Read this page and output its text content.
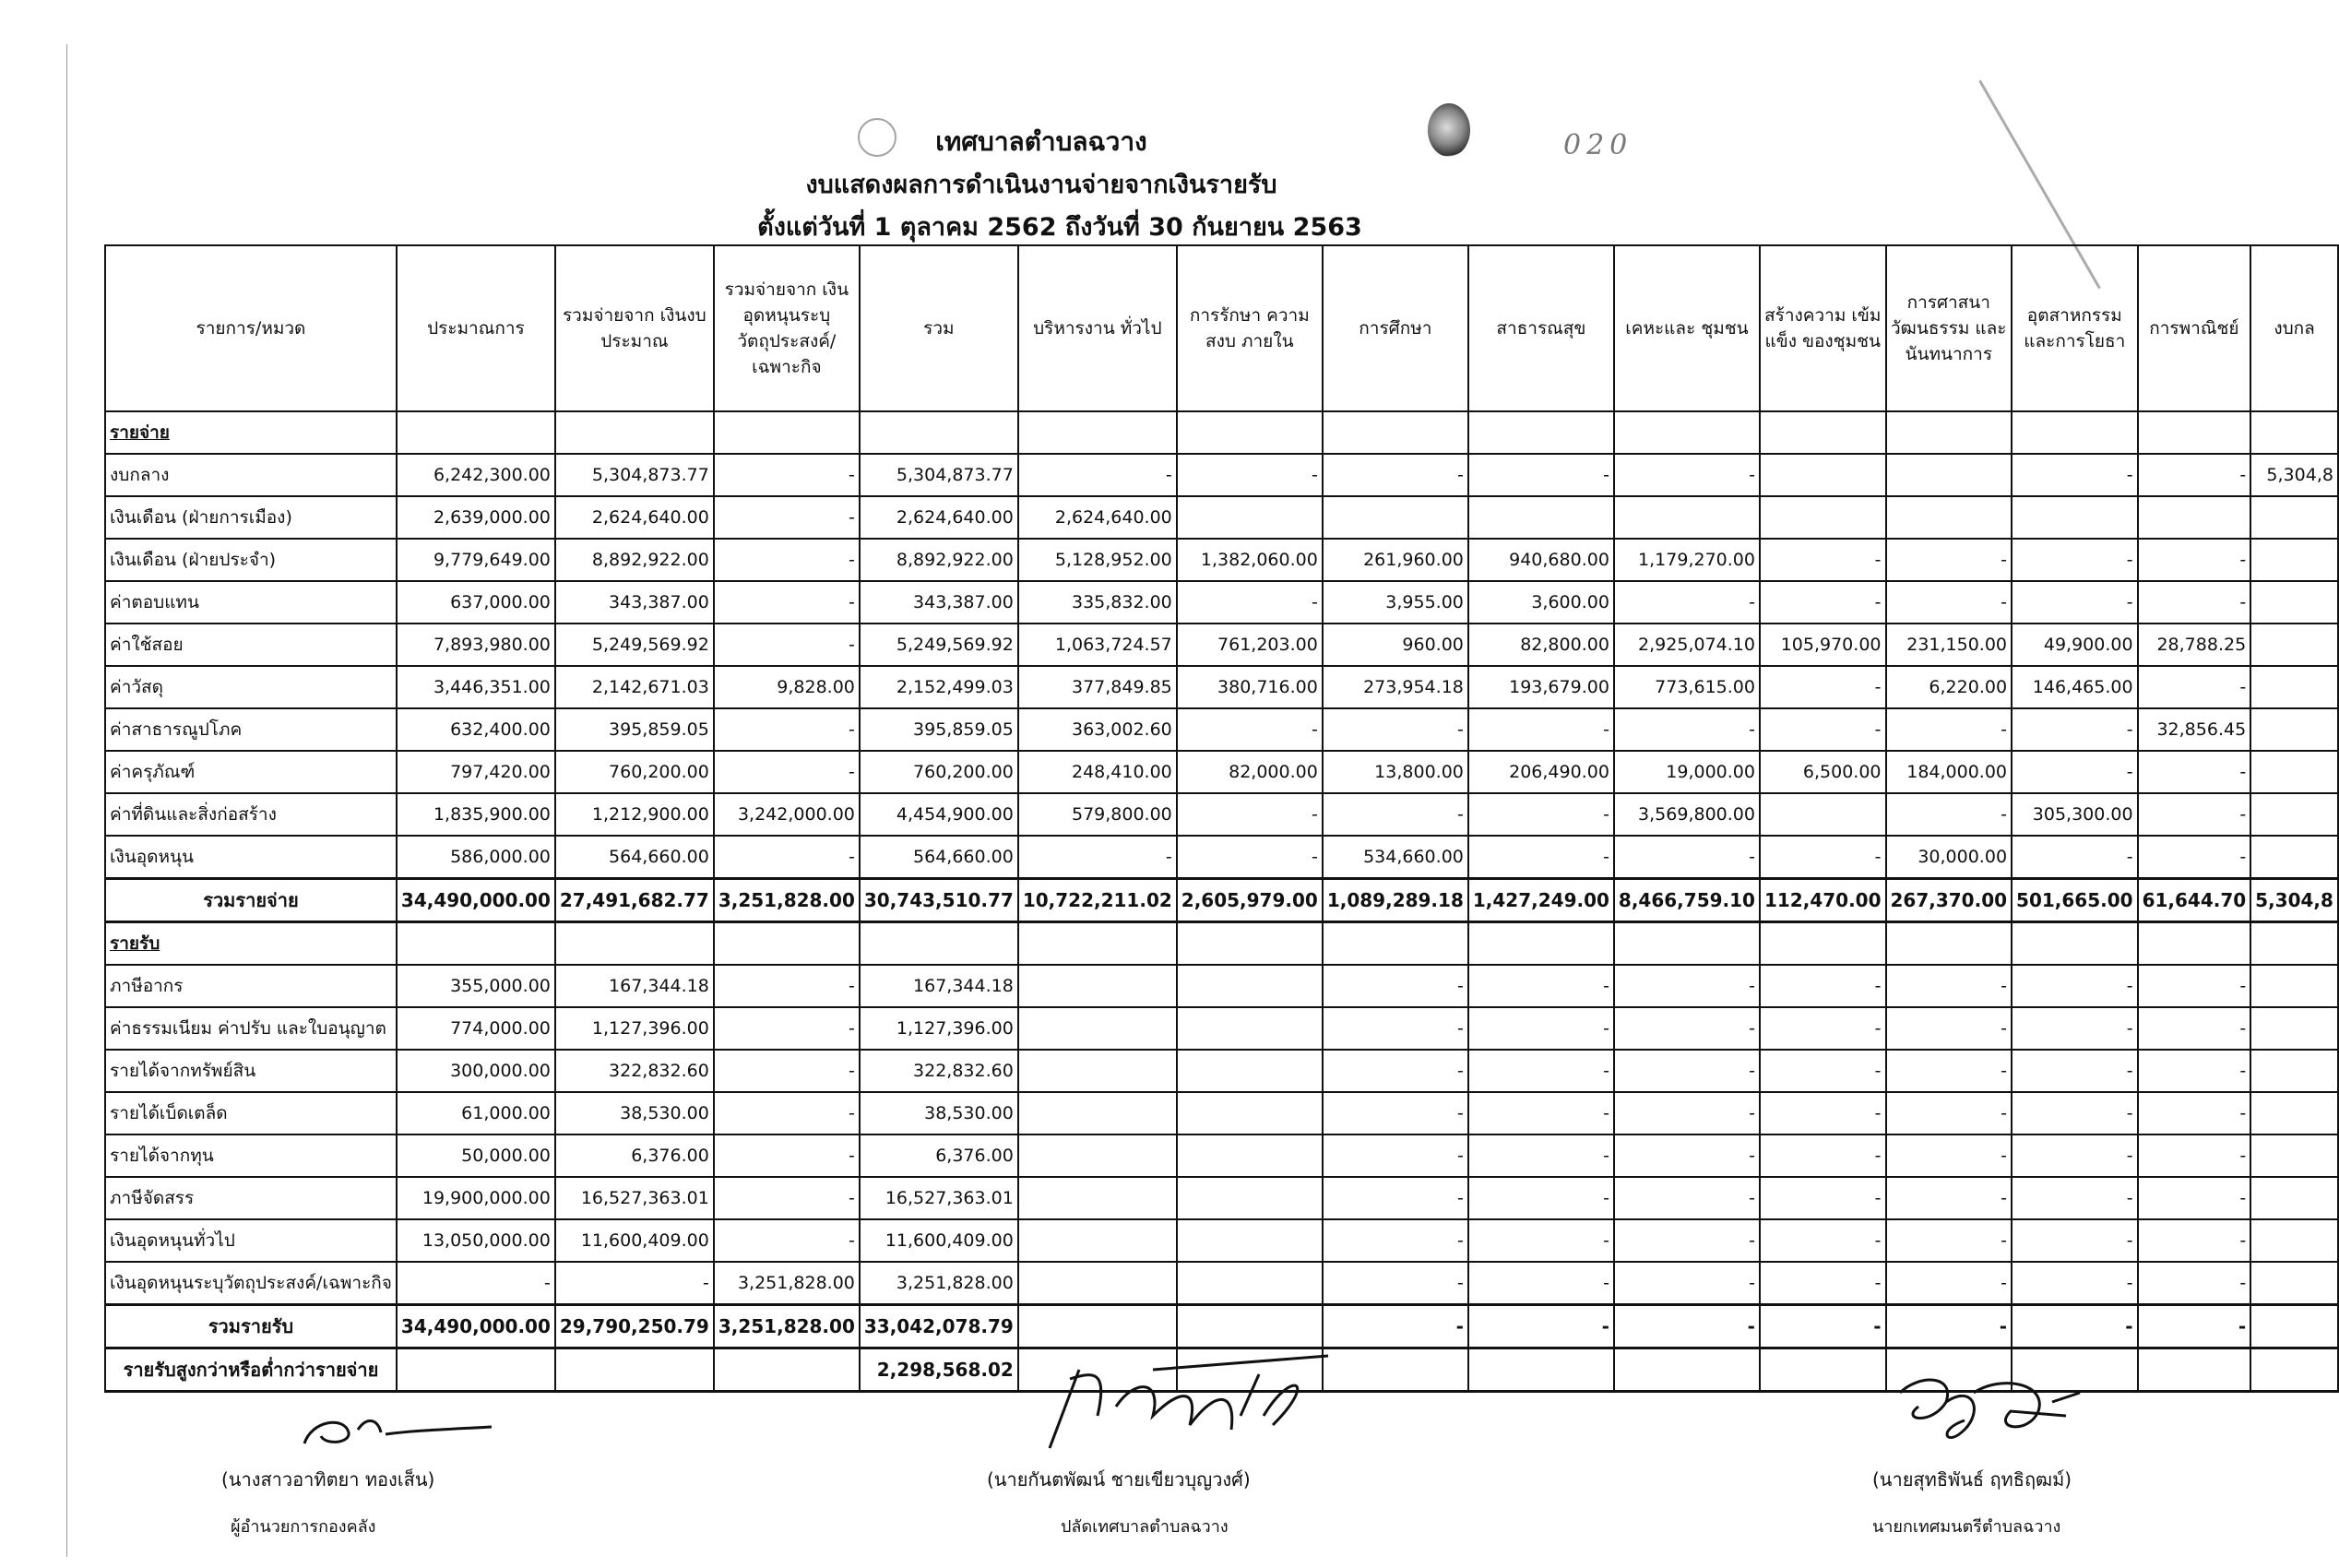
020
เทศบาลตำบลฉวาง
งบแสดงผลการดำเนินงานจ่ายจากเงินรายรับ
ตั้งแต่วันที่ 1 ตุลาคม 2562 ถึงวันที่ 30 กันยายน 2563
รายการ/หมวด	ประมาณการ	รวมจ่ายจาก เงินงบประมาณ	รวมจ่ายจาก เงินอุดหนุนระบุ วัตถุประสงค์/ เฉพาะกิจ	รวม	บริหารงาน ทั่วไป	การรักษา ความสงบ ภายใน	การศึกษา	สาธารณสุข	เคหะและ ชุมชน	สร้างความ เข้มแข็ง ของชุมชน	การศาสนา วัฒนธรรม และ นันทนาการ	อุตสาหกรรม และการโยธา	การพาณิชย์	งบกล
รายจ่าย														
งบกลาง	6,242,300.00	5,304,873.77	-	5,304,873.77	-	-	-	-	-			-	-	5,304,8
เงินเดือน (ฝ่ายการเมือง)	2,639,000.00	2,624,640.00	-	2,624,640.00	2,624,640.00									
เงินเดือน (ฝ่ายประจำ)	9,779,649.00	8,892,922.00	-	8,892,922.00	5,128,952.00	1,382,060.00	261,960.00	940,680.00	1,179,270.00	-	-	-	-	
ค่าตอบแทน	637,000.00	343,387.00	-	343,387.00	335,832.00	-	3,955.00	3,600.00	-	-	-	-	-	
ค่าใช้สอย	7,893,980.00	5,249,569.92	-	5,249,569.92	1,063,724.57	761,203.00	960.00	82,800.00	2,925,074.10	105,970.00	231,150.00	49,900.00	28,788.25	
ค่าวัสดุ	3,446,351.00	2,142,671.03	9,828.00	2,152,499.03	377,849.85	380,716.00	273,954.18	193,679.00	773,615.00	-	6,220.00	146,465.00	-	
ค่าสาธารณูปโภค	632,400.00	395,859.05	-	395,859.05	363,002.60	-	-	-	-	-	-	-	32,856.45	
ค่าครุภัณฑ์	797,420.00	760,200.00	-	760,200.00	248,410.00	82,000.00	13,800.00	206,490.00	19,000.00	6,500.00	184,000.00	-	-	
ค่าที่ดินและสิ่งก่อสร้าง	1,835,900.00	1,212,900.00	3,242,000.00	4,454,900.00	579,800.00	-	-	-	3,569,800.00		-	305,300.00	-	
เงินอุดหนุน	586,000.00	564,660.00	-	564,660.00	-	-	534,660.00	-	-	-	30,000.00	-	-	
รวมรายจ่าย	34,490,000.00	27,491,682.77	3,251,828.00	30,743,510.77	10,722,211.02	2,605,979.00	1,089,289.18	1,427,249.00	8,466,759.10	112,470.00	267,370.00	501,665.00	61,644.70	5,304,8
รายรับ														
ภาษีอากร	355,000.00	167,344.18	-	167,344.18			-	-	-	-	-	-	-	
ค่าธรรมเนียม ค่าปรับ และใบอนุญาต	774,000.00	1,127,396.00	-	1,127,396.00			-	-	-	-	-	-	-	
รายได้จากทรัพย์สิน	300,000.00	322,832.60	-	322,832.60			-	-	-	-	-	-	-	
รายได้เบ็ดเตล็ด	61,000.00	38,530.00	-	38,530.00			-	-	-	-	-	-	-	
รายได้จากทุน	50,000.00	6,376.00	-	6,376.00			-	-	-	-	-	-	-	
ภาษีจัดสรร	19,900,000.00	16,527,363.01	-	16,527,363.01			-	-	-	-	-	-	-	
เงินอุดหนุนทั่วไป	13,050,000.00	11,600,409.00	-	11,600,409.00			-	-	-	-	-	-	-	
เงินอุดหนุนระบุวัตถุประสงค์/เฉพาะกิจ	-	-	3,251,828.00	3,251,828.00			-	-	-	-	-	-	-	
รวมรายรับ	34,490,000.00	29,790,250.79	3,251,828.00	33,042,078.79			-	-	-	-	-	-	-	
รายรับสูงกว่าหรือต่ำกว่ารายจ่าย				2,298,568.02										
(นางสาวอาทิตยา ทองเส็น)
ผู้อำนวยการกองคลัง
(นายกันตพัฒน์ ชายเขียวบุญวงศ์)
ปลัดเทศบาลตำบลฉวาง
(นายสุทธิพันธ์ ฤทธิฤฒม์)
นายกเทศมนตรีตำบลฉวาง
